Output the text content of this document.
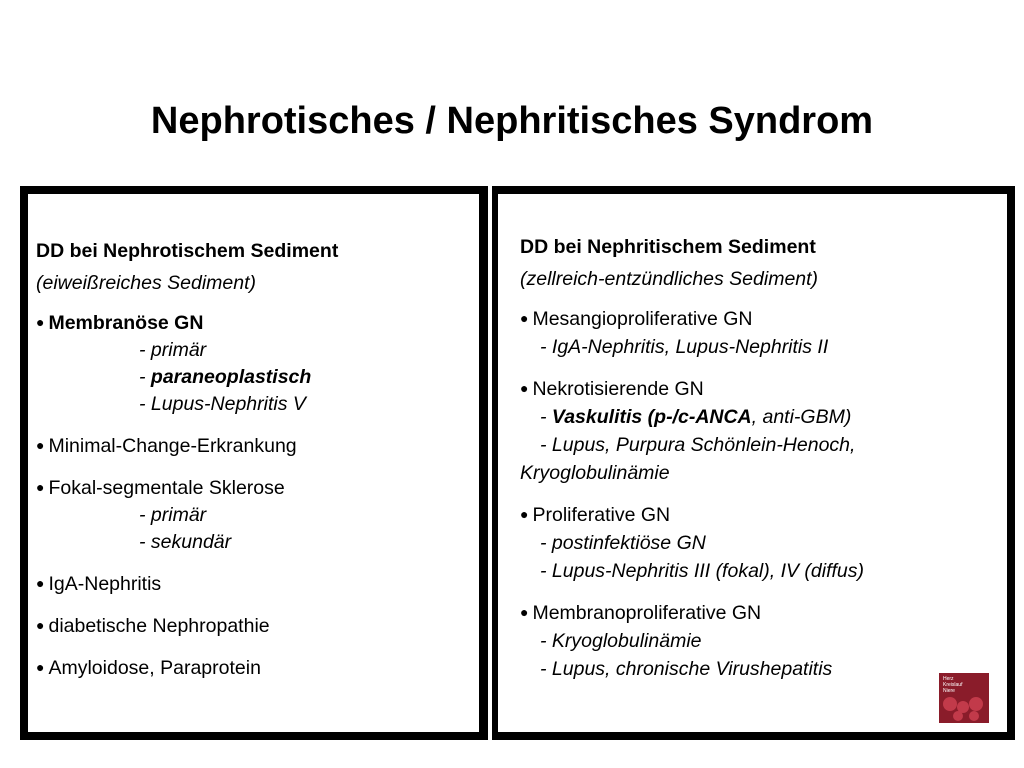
Nephrotisches / Nephritisches Syndrom
DD bei Nephrotischem Sediment
(eiweißreiches Sediment)
● Membranöse GN
- primär
- paraneoplastisch
- Lupus-Nephritis V
● Minimal-Change-Erkrankung
● Fokal-segmentale Sklerose
- primär
- sekundär
● IgA-Nephritis
● diabetische Nephropathie
● Amyloidose, Paraprotein
DD bei Nephritischem Sediment
(zellreich-entzündliches Sediment)
● Mesangioproliferative GN
- IgA-Nephritis, Lupus-Nephritis II
● Nekrotisierende GN
- Vaskulitis (p-/c-ANCA, anti-GBM)
- Lupus, Purpura Schönlein-Henoch, Kryoglobulinämie
● Proliferative GN
- postinfektiöse GN
- Lupus-Nephritis III (fokal), IV (diffus)
● Membranoproliferative GN
- Kryoglobulinämie
- Lupus, chronische Virushepatitis	Herz
Kreislauf
Niere
